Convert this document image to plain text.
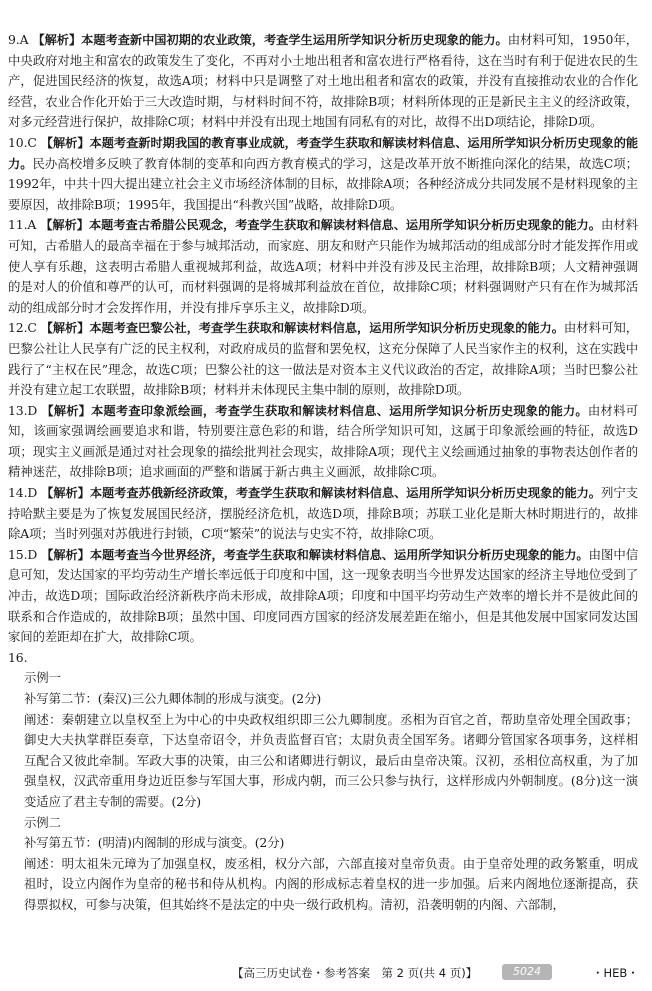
9.A 【解析】本题考查新中国初期的农业政策，考查学生运用所学知识分析历史现象的能力。由材料可知，1950年，中央政府对地主和富农的政策发生了变化，不再对小土地出租者和富农进行严格看待，这在当时有利于促进农民的生产，促进国民经济的恢复，故选A项；材料中只是调整了对土地出租者和富农的政策，并没有直接推动农业的合作化经营，农业合作化开始于三大改造时期，与材料时间不符，故排除B项；材料所体现的正是新民主主义的经济政策，对多元经营进行保护，故排除C项；材料中并没有出现土地国有同私有的对比，故得不出D项结论，排除D项。

10.C 【解析】本题考查新时期我国的教育事业成就，考查学生获取和解读材料信息、运用所学知识分析历史现象的能力。民办高校增多反映了教育体制的变革和向西方教育模式的学习，这是改革开放不断推向深化的结果，故选C项；1992年，中共十四大提出建立社会主义市场经济体制的目标，故排除A项；各种经济成分共同发展不是材料现象的主要原因，故排除B项；1995年，我国提出“科教兴国”战略，故排除D项。

11.A 【解析】本题考查古希腊公民观念，考查学生获取和解读材料信息、运用所学知识分析历史现象的能力。由材料可知，古希腊人的最高幸福在于参与城邦活动，而家庭、朋友和财产只能作为城邦活动的组成部分时才能发挥作用或使人享有乐趣，这表明古希腊人重视城邦利益，故选A项；材料中并没有涉及民主治理，故排除B项；人文精神强调的是对人的价值和尊严的认可，而材料强调的是将城邦利益放在首位，故排除C项；材料强调财产只有在作为城邦活动的组成部分时才会发挥作用，并没有排斥享乐主义，故排除D项。

12.C 【解析】本题考查巴黎公社，考查学生获取和解读材料信息，运用所学知识分析历史现象的能力。由材料可知，巴黎公社让人民享有广泛的民主权利，对政府成员的监督和罢免权，这充分保障了人民当家作主的权利，这在实践中践行了“主权在民”理念，故选C项；巴黎公社的这一做法是对资本主义代议政治的否定，故排除A项；当时巴黎公社并没有建立起工农联盟，故排除B项；材料并未体现民主集中制的原则，故排除D项。

13.D 【解析】本题考查印象派绘画，考查学生获取和解读材料信息、运用所学知识分析历史现象的能力。由材料可知，该画家强调绘画要追求和谐，特别要注意色彩的和谐，结合所学知识可知，这属于印象派绘画的特征，故选D项；现实主义画派是通过对社会现象的描绘批判社会现实，故排除A项；现代主义绘画通过抽象的事物表达创作者的精神迷茫，故排除B项；追求画面的严整和谐属于新古典主义画派，故排除C项。

14.D 【解析】本题考查苏俄新经济政策，考查学生获取和解读材料信息、运用所学知识分析历史现象的能力。列宁支持哈默主要是为了恢复发展国民经济，摆脱经济危机，故选D项，排除B项；苏联工业化是斯大林时期进行的，故排除A项；当时列强对苏俄进行封锁，C项“繁荣”的说法与史实不符，故排除C项。

15.D 【解析】本题考查当今世界经济，考查学生获取和解读材料信息、运用所学知识分析历史现象的能力。由图中信息可知，发达国家的平均劳动生产增长率远低于印度和中国，这一现象表明当今世界发达国家的经济主导地位受到了冲击，故选D项；国际政治经济新秩序尚未形成，故排除A项；印度和中国平均劳动生产效率的增长并不是彼此间的联系和合作造成的，故排除B项；虽然中国、印度同西方国家的经济发展差距在缩小，但是其他发展中国家同发达国家间的差距却在扩大，故排除C项。

16.

示例一

补写第二节：(秦汉)三公九卿体制的形成与演变。(2分)

阐述：秦朝建立以皇权至上为中心的中央政权组织即三公九卿制度。丞相为百官之首，帮助皇帝处理全国政事；御史大夫执掌群臣奏章，下达皇帝诏令，并负责监督百官；太尉负责全国军务。诸卿分管国家各项事务，这样相互配合又彼此牵制。军政大事的决策，由三公和诸卿进行朝议，最后由皇帝决策。汉初，丞相位高权重，为了加强皇权，汉武帝重用身边近臣参与军国大事，形成内朝，而三公只参与执行，这样形成内外朝制度。(8分)这一演变适应了君主专制的需要。(2分)

示例二

补写第五节：(明清)内阁制的形成与演变。(2分)

阐述：明太祖朱元璋为了加强皇权，废丞相，权分六部，六部直接对皇帝负责。由于皇帝处理的政务繁重，明成祖时，设立内阁作为皇帝的秘书和侍从机构。内阁的形成标志着皇权的进一步加强。后来内阁地位逐渐提高，获得票拟权，可参与决策，但其始终不是法定的中央一级行政机构。清初，沿袭明朝的内阁、六部制，

【高三历史试卷・参考答案　第 2 页(共 4 页)】	5024	・HEB・
